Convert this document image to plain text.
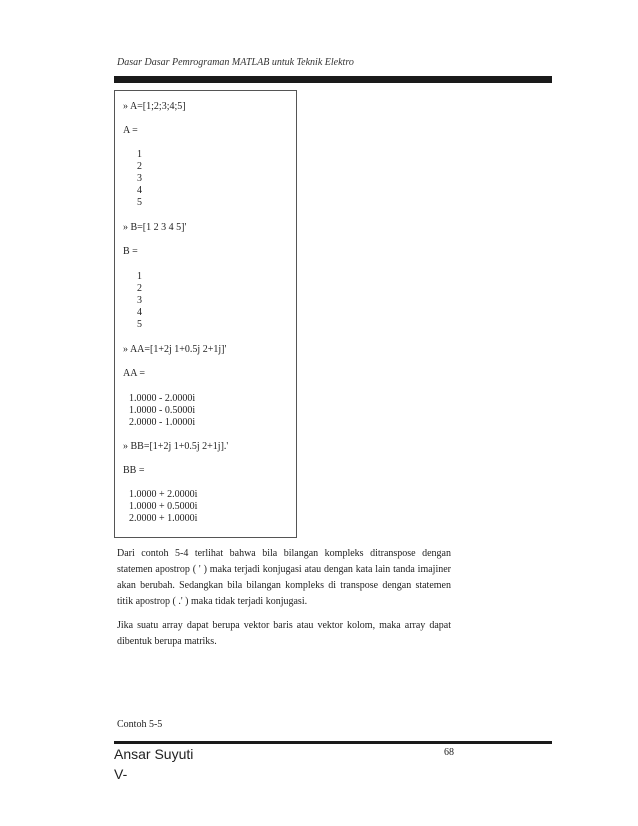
Dasar Dasar Pemrograman MATLAB untuk Teknik Elektro
» A=[1;2;3;4;5]
A =
1
2
3
4
5
» B=[1 2 3 4 5]'
B =
1
2
3
4
5
» AA=[1+2j 1+0.5j 2+1j]'
AA =
1.0000 - 2.0000i
1.0000 - 0.5000i
2.0000 - 1.0000i
» BB=[1+2j 1+0.5j 2+1j].'
BB =
1.0000 + 2.0000i
1.0000 + 0.5000i
2.0000 + 1.0000i

Dari contoh 5-4 terlihat bahwa bila bilangan kompleks ditranspose dengan statemen apostrop ( ' ) maka terjadi konjugasi atau dengan kata lain tanda imajiner akan berubah. Sedangkan bila bilangan kompleks di transpose dengan statemen titik apostrop ( .' ) maka tidak terjadi konjugasi.

Jika suatu array dapat berupa vektor baris atau vektor kolom, maka array dapat dibentuk berupa matriks.

Contoh 5-5
Ansar Suyuti
V-
68
